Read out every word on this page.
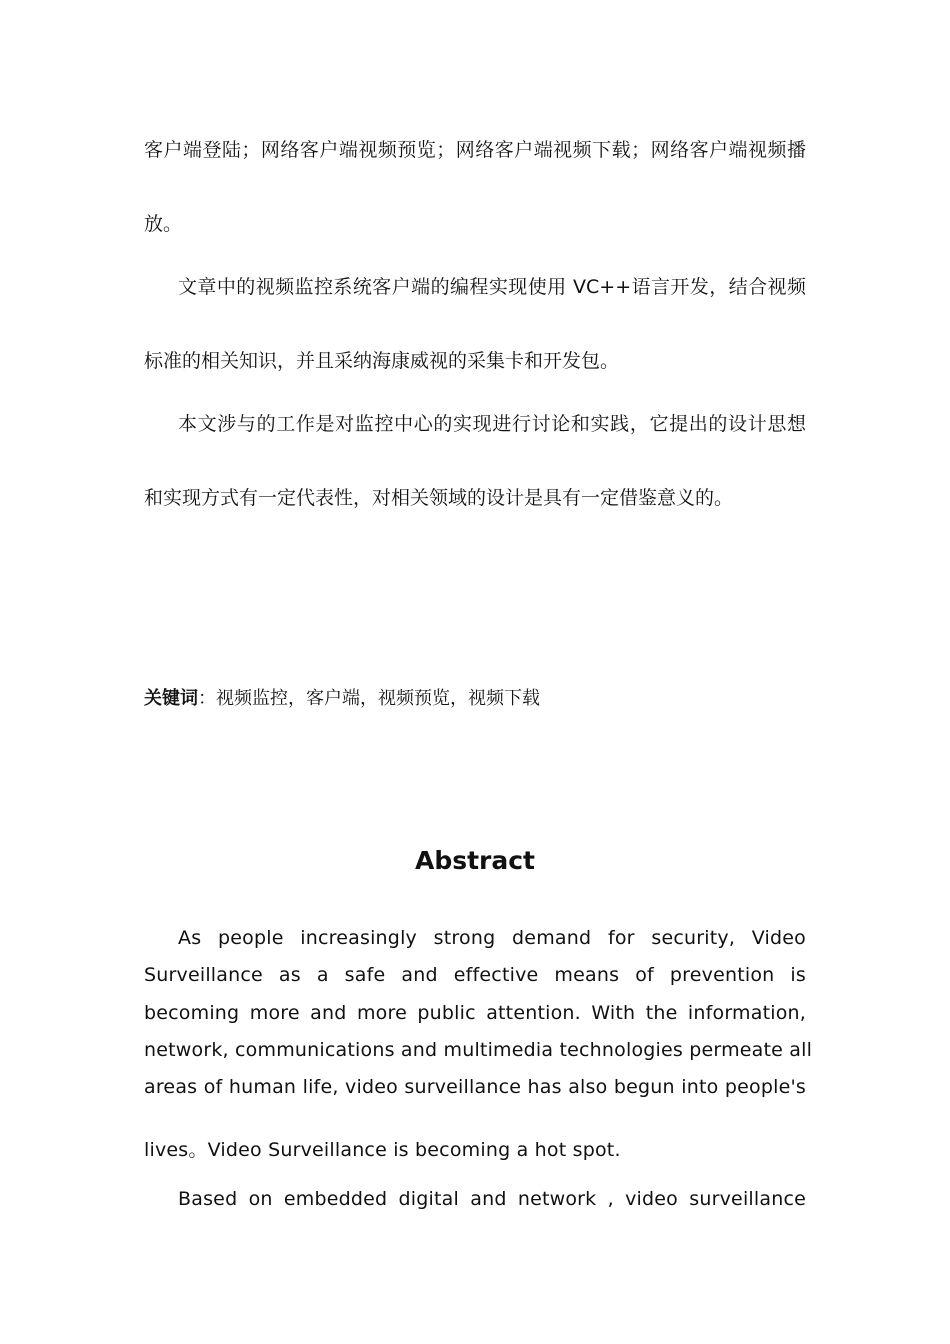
客户端登陆；网络客户端视频预览；网络客户端视频下载；网络客户端视频播
放。
文章中的视频监控系统客户端的编程实现使用 VC++语言开发，结合视频
标准的相关知识，并且采纳海康威视的采集卡和开发包。
本文涉与的工作是对监控中心的实现进行讨论和实践，它提出的设计思想
和实现方式有一定代表性，对相关领域的设计是具有一定借鉴意义的。
关键词：视频监控，客户端，视频预览，视频下载
Abstract
As people increasingly strong demand for security, Video
Surveillance as a safe and effective means of prevention is
becoming more and more public attention. With the information,
network, communications and multimedia technologies permeate all
areas of human life, video surveillance has also begun into people's
lives。Video Surveillance is becoming a hot spot.
Based on embedded digital and network , video surveillance
